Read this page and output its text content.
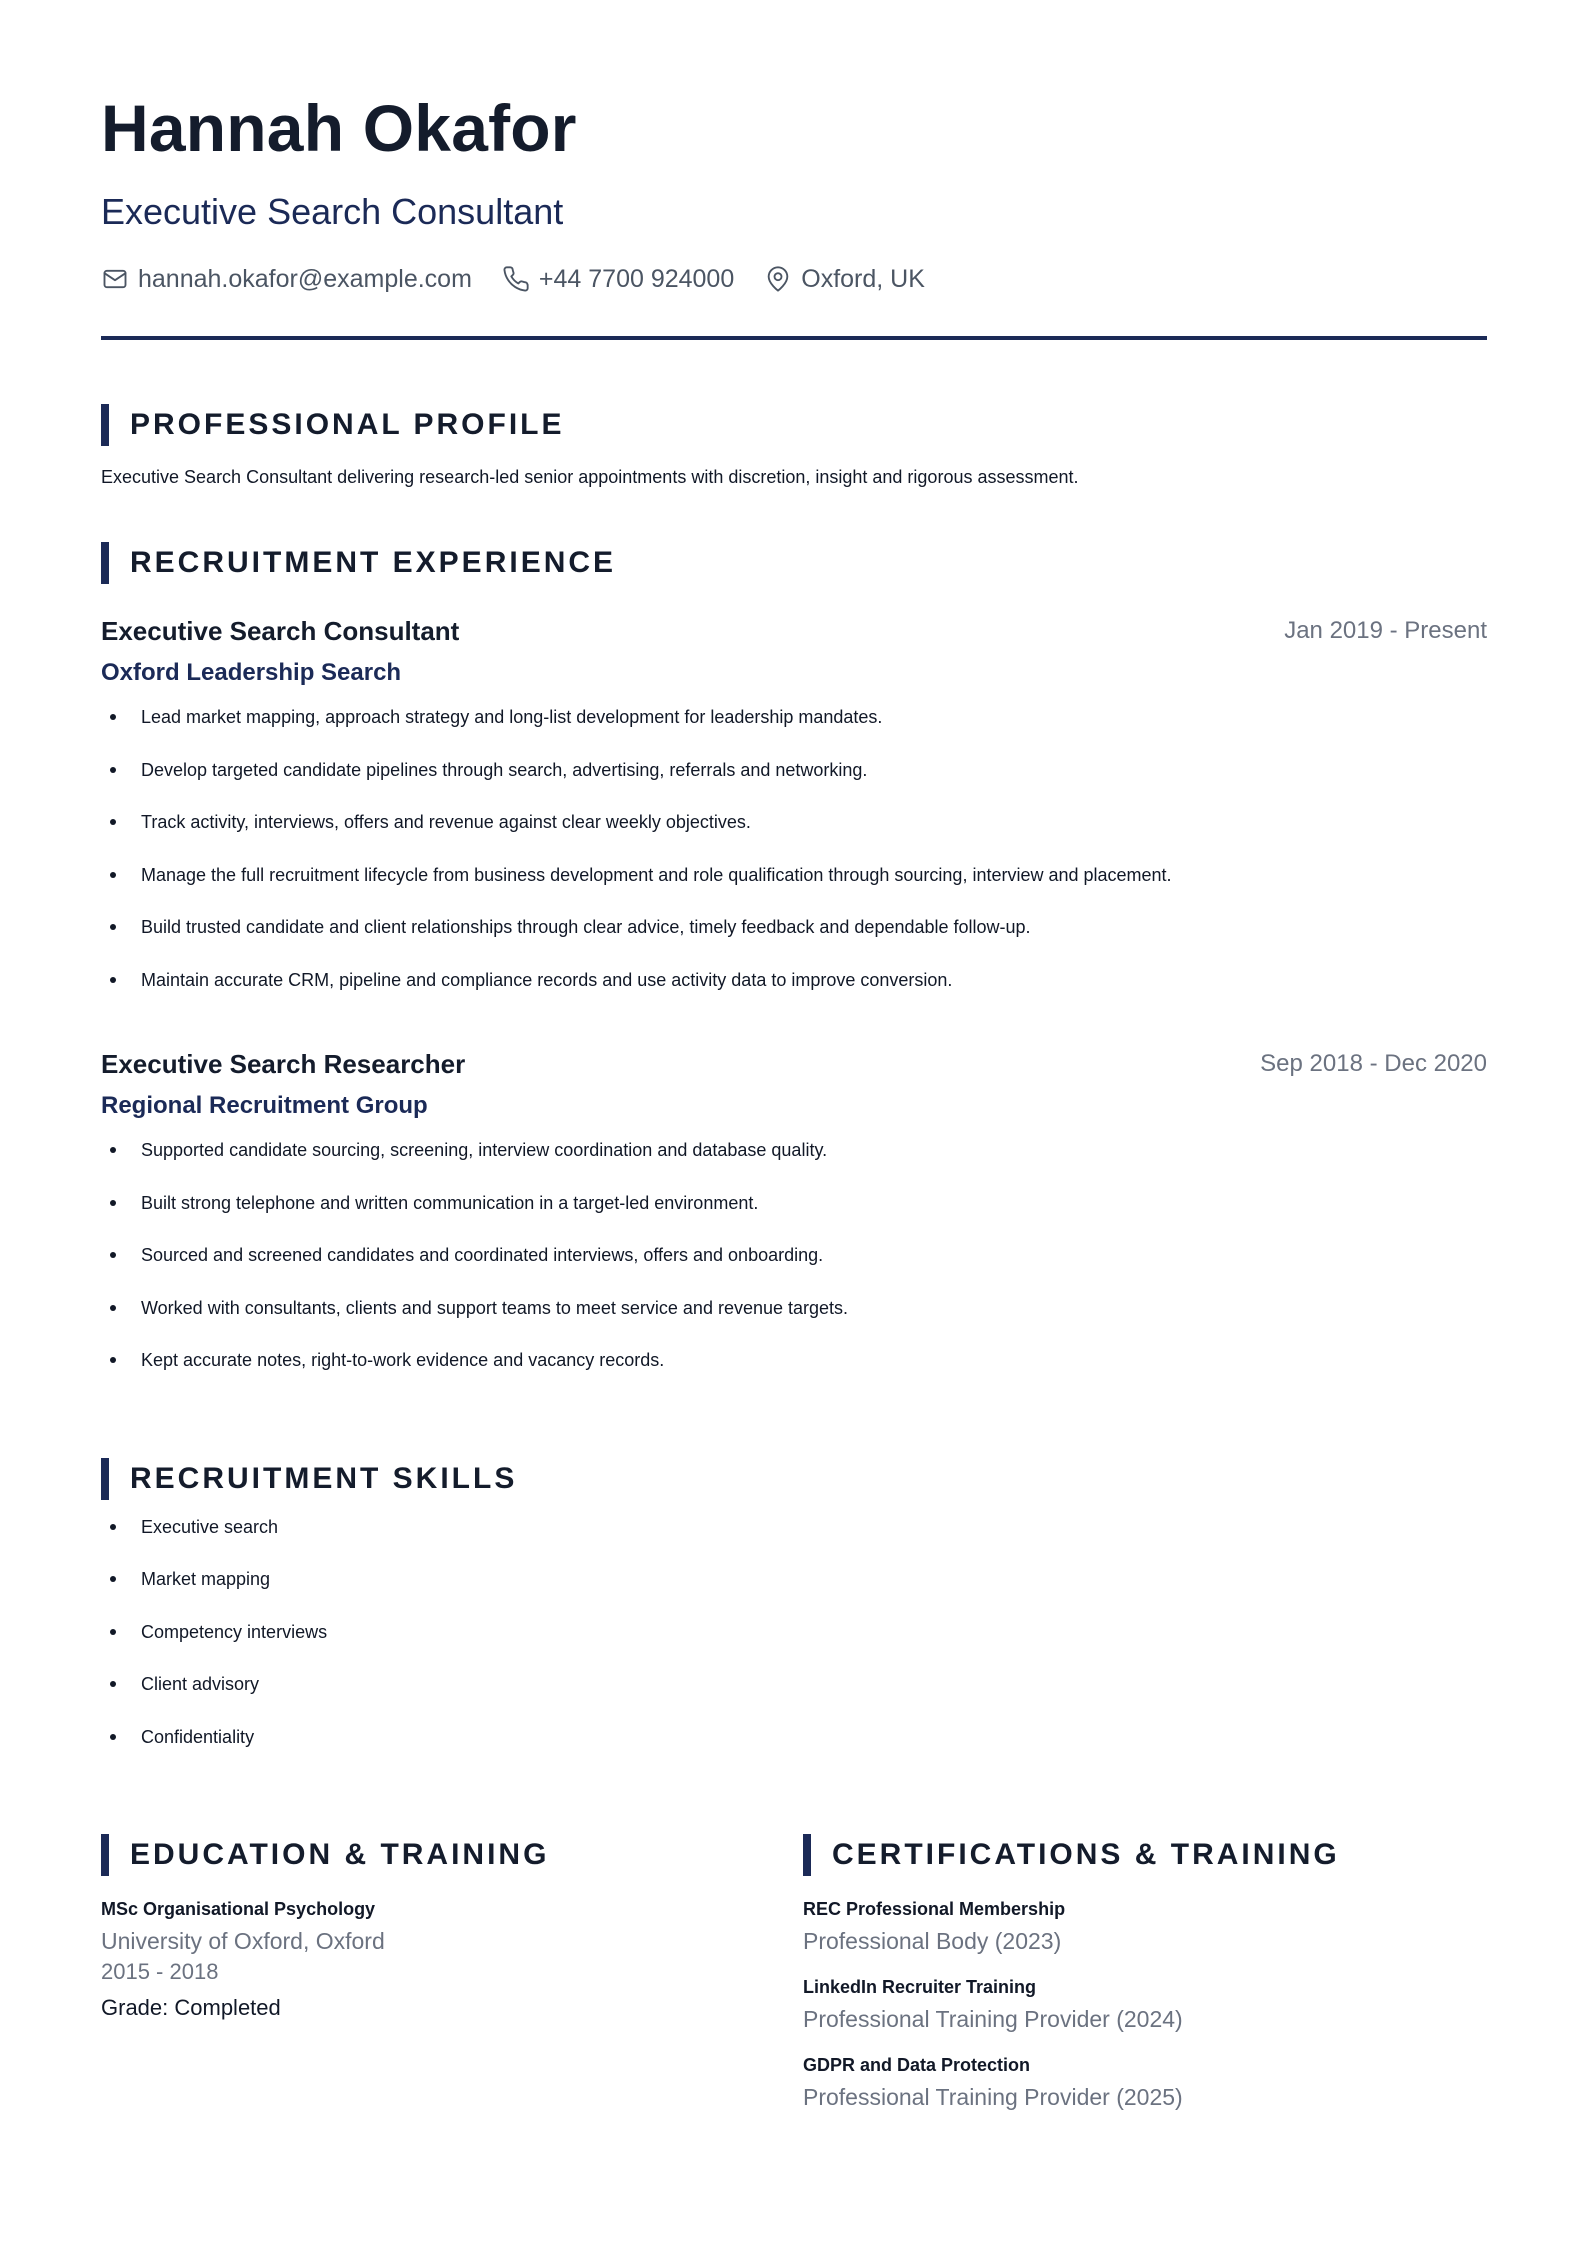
Hannah Okafor
Executive Search Consultant
hannah.okafor@example.com	+44 7700 924000	Oxford, UK
PROFESSIONAL PROFILE
Executive Search Consultant delivering research-led senior appointments with discretion, insight and rigorous assessment.
RECRUITMENT EXPERIENCE
Executive Search Consultant	Jan 2019 - Present
Oxford Leadership Search
Lead market mapping, approach strategy and long-list development for leadership mandates.
Develop targeted candidate pipelines through search, advertising, referrals and networking.
Track activity, interviews, offers and revenue against clear weekly objectives.
Manage the full recruitment lifecycle from business development and role qualification through sourcing, interview and placement.
Build trusted candidate and client relationships through clear advice, timely feedback and dependable follow-up.
Maintain accurate CRM, pipeline and compliance records and use activity data to improve conversion.
Executive Search Researcher	Sep 2018 - Dec 2020
Regional Recruitment Group
Supported candidate sourcing, screening, interview coordination and database quality.
Built strong telephone and written communication in a target-led environment.
Sourced and screened candidates and coordinated interviews, offers and onboarding.
Worked with consultants, clients and support teams to meet service and revenue targets.
Kept accurate notes, right-to-work evidence and vacancy records.
RECRUITMENT SKILLS
Executive search
Market mapping
Competency interviews
Client advisory
Confidentiality
EDUCATION & TRAINING
MSc Organisational Psychology
University of Oxford, Oxford
2015 - 2018
Grade: Completed
CERTIFICATIONS & TRAINING
REC Professional Membership
Professional Body (2023)
LinkedIn Recruiter Training
Professional Training Provider (2024)
GDPR and Data Protection
Professional Training Provider (2025)
